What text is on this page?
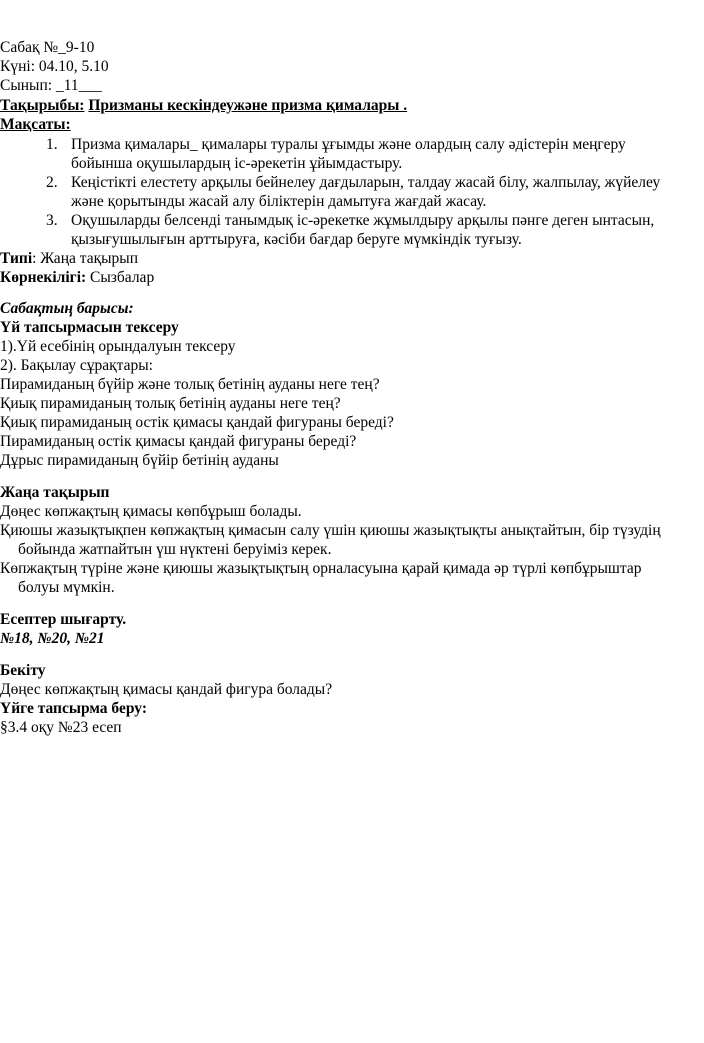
Сабақ №_9-10
Күні: 04.10, 5.10
Сынып: _11___
Тақырыбы: Призманы кескіндеужәне призма қималары .
Мақсаты:
1. Призма қималары_ қималары туралы ұғымды және олардың салу әдістерін меңгеру
бойынша оқушылардың іс-әрекетін ұйымдастыру.
2. Кеңістікті елестету арқылы бейнелеу дағдыларын, талдау жасай білу, жалпылау, жүйелеу
және қорытынды жасай алу біліктерін дамытуға жағдай жасау.
3. Оқушыларды белсенді танымдық іс-әрекетке жұмылдыру арқылы пәнге деген ынтасын,
қызығушылығын арттыруға, кәсіби бағдар беруге мүмкіндік туғызу.
Типі: Жаңа тақырып
Көрнекілігі: Сызбалар
Сабақтың барысы:
Үй тапсырмасын тексеру
1).Үй есебінің орындалуын тексеру
2). Бақылау сұрақтары:
Пирамиданың бүйір және толық бетінің ауданы неге тең?
Қиық пирамиданың толық бетінің ауданы неге тең?
Қиық пирамиданың остік қимасы қандай фигураны береді?
Пирамиданың остік қимасы қандай фигураны береді?
Дұрыс пирамиданың бүйір бетінің ауданы
Жаңа тақырып
Дөңес көпжақтың қимасы көпбұрыш болады.
Қиюшы жазықтықпен көпжақтың қимасын салу үшін қиюшы жазықтықты анықтайтын, бір түзудің
бойында жатпайтын үш нүктені беруіміз керек.
Көпжақтың түріне және қиюшы жазықтықтың орналасуына қарай қимада әр түрлі көпбұрыштар
болуы мүмкін.
Есептер шығарту.
№18, №20, №21
Бекіту
Дөңес көпжақтың қимасы қандай фигура болады?
Үйге тапсырма беру:
§3.4 оқу №23 есеп
